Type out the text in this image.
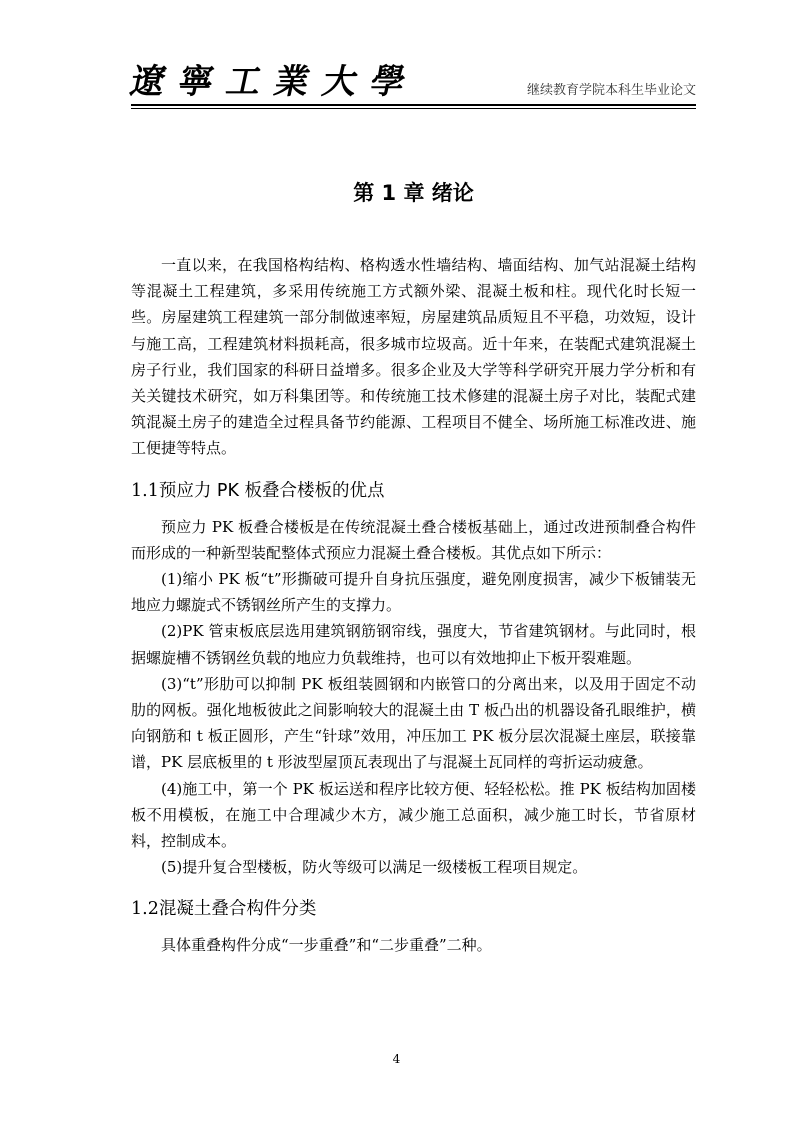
遼寧工業大學	继续教育学院本科生毕业论文
第 1 章 绪论

一直以来，在我国格构结构、格构透水性墙结构、墙面结构、加气站混凝土结构等混凝土工程建筑，多采用传统施工方式额外梁、混凝土板和柱。现代化时长短一些。房屋建筑工程建筑一部分制做速率短，房屋建筑品质短且不平稳，功效短，设计与施工高，工程建筑材料损耗高，很多城市垃圾高。近十年来，在装配式建筑混凝土房子行业，我们国家的科研日益增多。很多企业及大学等科学研究开展力学分析和有关关键技术研究，如万科集团等。和传统施工技术修建的混凝土房子对比，装配式建筑混凝土房子的建造全过程具备节约能源、工程项目不健全、场所施工标准改进、施工便捷等特点。

1.1预应力 PK 板叠合楼板的优点

预应力 PK 板叠合楼板是在传统混凝土叠合楼板基础上，通过改进预制叠合构件而形成的一种新型装配整体式预应力混凝土叠合楼板。其优点如下所示：

(1)缩小 PK 板“t”形撕破可提升自身抗压强度，避免刚度损害，减少下板铺装无地应力螺旋式不锈钢丝所产生的支撑力。

(2)PK 管束板底层选用建筑钢筋钢帘线，强度大，节省建筑钢材。与此同时，根据螺旋槽不锈钢丝负载的地应力负载维持，也可以有效地抑止下板开裂难题。

(3)“t”形肋可以抑制 PK 板组装圆钢和内嵌管口的分离出来，以及用于固定不动肋的网板。强化地板彼此之间影响较大的混凝土由 T 板凸出的机器设备孔眼维护，横向钢筋和 t 板正圆形，产生“针球”效用，冲压加工 PK 板分层次混凝土座层，联接靠谱，PK 层底板里的 t 形波型屋顶瓦表现出了与混凝土瓦同样的弯折运动疲惫。

(4)施工中，第一个 PK 板运送和程序比较方便、轻轻松松。推 PK 板结构加固楼板不用模板，在施工中合理减少木方，减少施工总面积，减少施工时长，节省原材料，控制成本。

(5)提升复合型楼板，防火等级可以满足一级楼板工程项目规定。

1.2混凝土叠合构件分类

具体重叠构件分成“一步重叠”和“二步重叠”二种。

4
